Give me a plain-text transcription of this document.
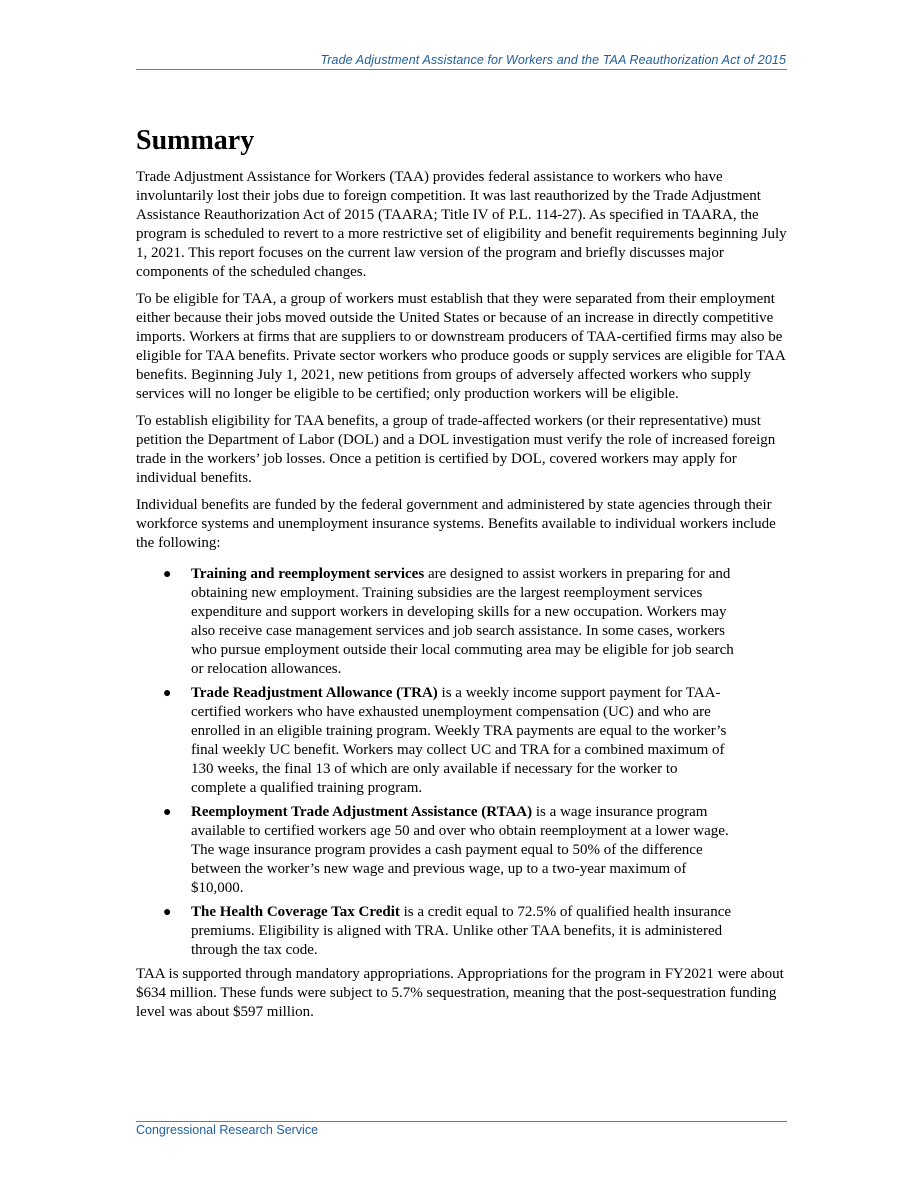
Trade Adjustment Assistance for Workers and the TAA Reauthorization Act of 2015
Summary

Trade Adjustment Assistance for Workers (TAA) provides federal assistance to workers who have involuntarily lost their jobs due to foreign competition. It was last reauthorized by the Trade Adjustment Assistance Reauthorization Act of 2015 (TAARA; Title IV of P.L. 114-27). As specified in TAARA, the program is scheduled to revert to a more restrictive set of eligibility and benefit requirements beginning July 1, 2021. This report focuses on the current law version of the program and briefly discusses major components of the scheduled changes.

To be eligible for TAA, a group of workers must establish that they were separated from their employment either because their jobs moved outside the United States or because of an increase in directly competitive imports. Workers at firms that are suppliers to or downstream producers of TAA-certified firms may also be eligible for TAA benefits. Private sector workers who produce goods or supply services are eligible for TAA benefits. Beginning July 1, 2021, new petitions from groups of adversely affected workers who supply services will no longer be eligible to be certified; only production workers will be eligible.

To establish eligibility for TAA benefits, a group of trade-affected workers (or their representative) must petition the Department of Labor (DOL) and a DOL investigation must verify the role of increased foreign trade in the workers’ job losses. Once a petition is certified by DOL, covered workers may apply for individual benefits.

Individual benefits are funded by the federal government and administered by state agencies through their workforce systems and unemployment insurance systems. Benefits available to individual workers include the following:

● Training and reemployment services are designed to assist workers in preparing for and obtaining new employment. Training subsidies are the largest reemployment services expenditure and support workers in developing skills for a new occupation. Workers may also receive case management services and job search assistance. In some cases, workers who pursue employment outside their local commuting area may be eligible for job search or relocation allowances.
● Trade Readjustment Allowance (TRA) is a weekly income support payment for TAA-certified workers who have exhausted unemployment compensation (UC) and who are enrolled in an eligible training program. Weekly TRA payments are equal to the worker’s final weekly UC benefit. Workers may collect UC and TRA for a combined maximum of 130 weeks, the final 13 of which are only available if necessary for the worker to complete a qualified training program.
● Reemployment Trade Adjustment Assistance (RTAA) is a wage insurance program available to certified workers age 50 and over who obtain reemployment at a lower wage. The wage insurance program provides a cash payment equal to 50% of the difference between the worker’s new wage and previous wage, up to a two-year maximum of $10,000.
● The Health Coverage Tax Credit is a credit equal to 72.5% of qualified health insurance premiums. Eligibility is aligned with TRA. Unlike other TAA benefits, it is administered through the tax code.

TAA is supported through mandatory appropriations. Appropriations for the program in FY2021 were about $634 million. These funds were subject to 5.7% sequestration, meaning that the post-sequestration funding level was about $597 million.

Congressional Research Service
